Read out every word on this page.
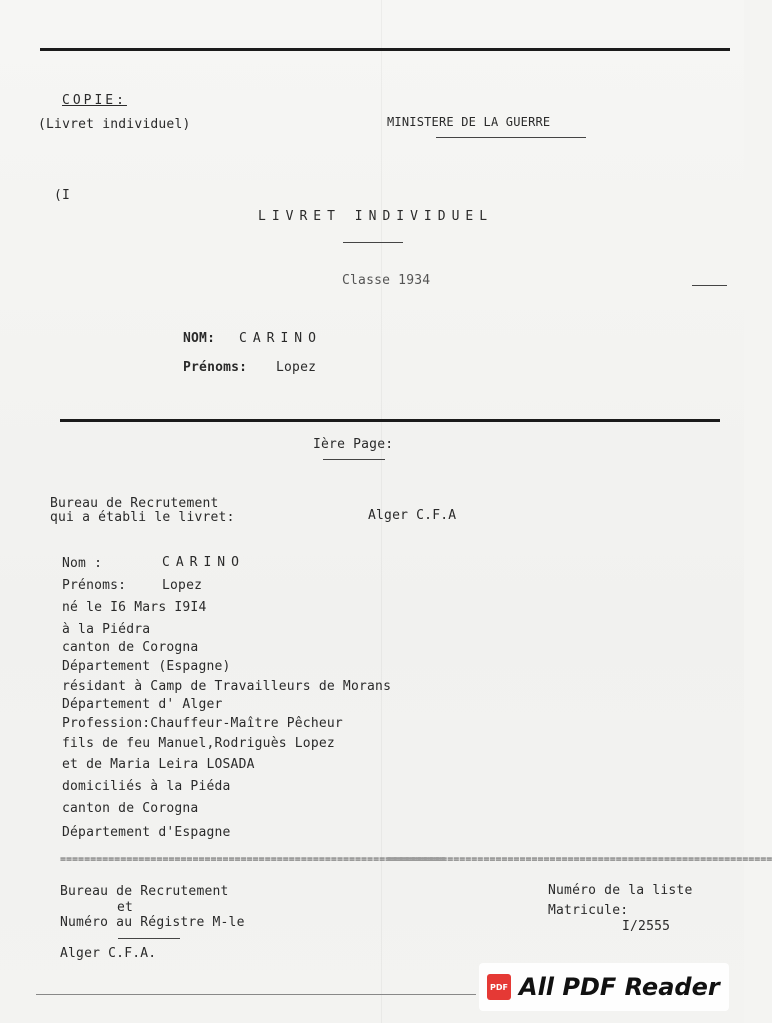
COPIE:
(Livret individuel)	MINISTERE DE LA GUERRE
(I
LIVRET INDIVIDUEL
Classe 1934
NOM: CARINO
Prénoms: Lopez
Ière Page:
Bureau de Recrutement
qui a établi le livret:	Alger C.F.A
Nom :	CARINO
Prénoms:	Lopez
né le I6 Mars I9I4
à la Piédra
canton de Corogna
Département (Espagne)
résidant à Camp de Travailleurs de Morans
Département d' Alger
Profession:Chauffeur-Maître Pêcheur
fils de feu Manuel,Rodriguès Lopez
et de Maria Leira LOSADA
domiciliés à la Piéda
canton de Corogna
Département d'Espagne
================================================================
================================================================
Bureau de Recrutement
et
Numéro au Régistre M-le
Alger C.F.A.
Numéro de la liste
Matricule:
I/2555
PDF All PDF Reader
